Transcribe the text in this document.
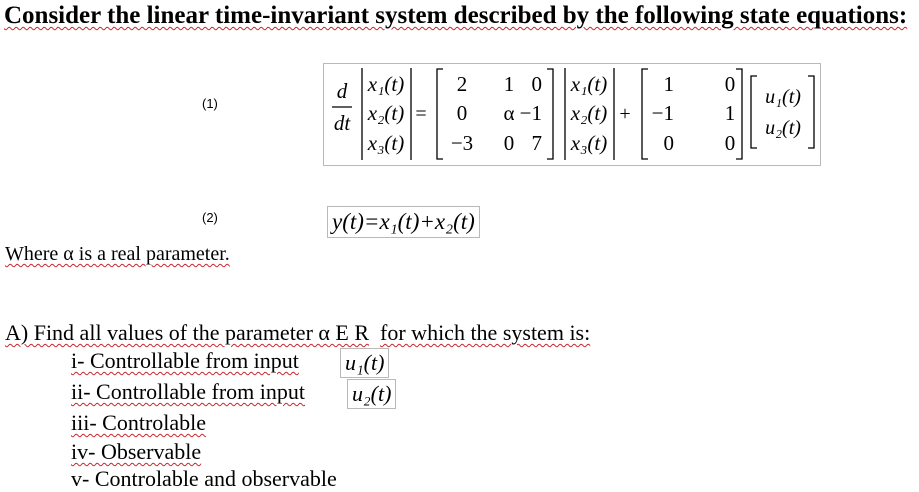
Consider the linear time-invariant system described by the following state equations:
(1)
d
dt
x₁(t)
x₂(t)
x₃(t)
=
2 1 0
0 α −1
−3 0 7
x₁(t)
x₂(t)
x₃(t)
+
1 0
−1 1
0 0
u₁(t)
u₂(t)
(2)	y(t)=x₁(t)+x₂(t)
Where α is a real parameter.
A) Find all values of the parameter α E R for which the system is:
i- Controllable from input u₁(t)
ii- Controllable from input u₂(t)
iii- Controlable
iv- Observable
v- Controlable and observable
